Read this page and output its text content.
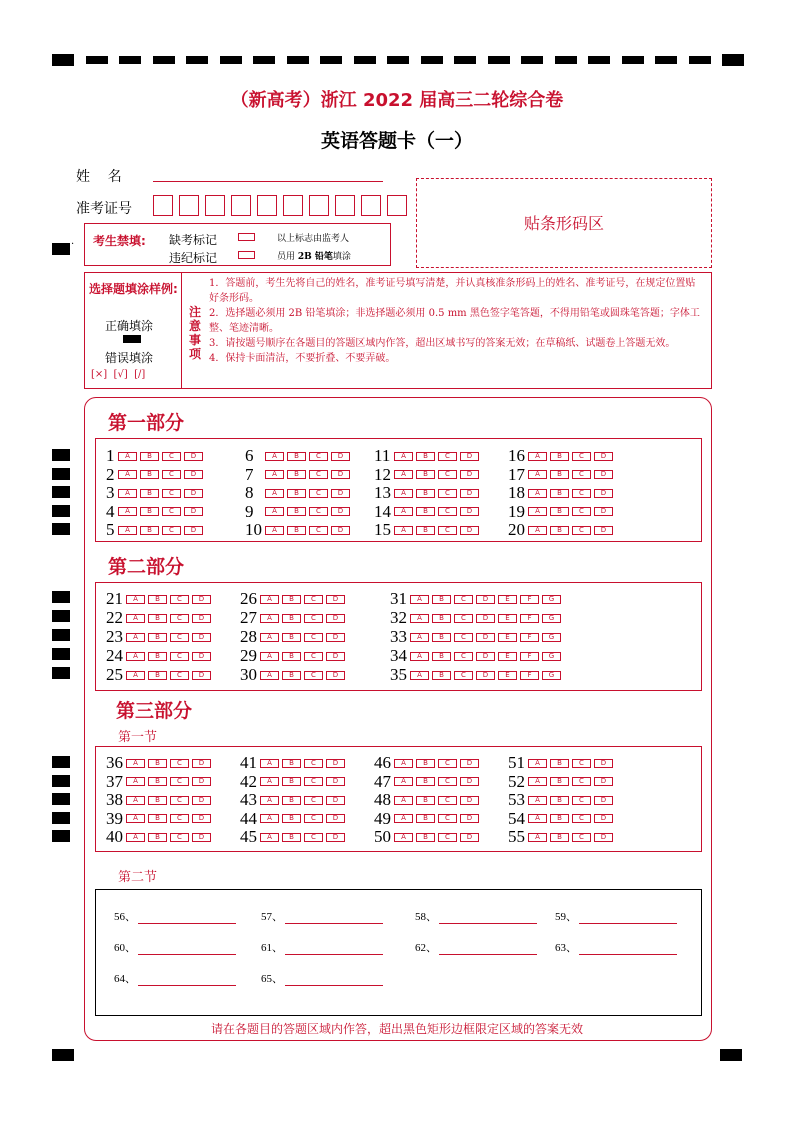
（新高考）浙江 2022 届高三二轮综合卷
英语答题卡（一）
姓    名
准考证号
贴条形码区
. 考生禁填: 缺考标记	以上标志由监考人
违纪标记	员用 2B 铅笔填涂
选择题填涂样例:
正确填涂
错误填涂
[×]  [√]  [/]
注意事项
1．答题前，考生先将自己的姓名，准考证号填写清楚，并认真核准条形码上的姓名、准考证号，在规定位置贴好条形码。
2．选择题必须用 2B 铅笔填涂；非选择题必须用 0.5 mm 黑色签字笔答题，不得用铅笔或圆珠笔答题；字体工整、笔迹清晰。
3．请按题号顺序在各题目的答题区域内作答，超出区域书写的答案无效；在草稿纸、试题卷上答题无效。
4．保持卡面清洁，不要折叠、不要弄破。
第一部分
第二部分
第三部分
第一节
第二节
请在各题目的答题区域内作答，超出黑色矩形边框限定区域的答案无效
1	A	B	C	D
2	A	B	C	D
3	A	B	C	D
4	A	B	C	D
5	A	B	C	D
6	A	B	C	D
7	A	B	C	D
8	A	B	C	D
9	A	B	C	D
10	A	B	C	D
11	A	B	C	D
12	A	B	C	D
13	A	B	C	D
14	A	B	C	D
15	A	B	C	D
16	A	B	C	D
17	A	B	C	D
18	A	B	C	D
19	A	B	C	D
20	A	B	C	D
21	A	B	C	D
22	A	B	C	D
23	A	B	C	D
24	A	B	C	D
25	A	B	C	D
26	A	B	C	D
27	A	B	C	D
28	A	B	C	D
29	A	B	C	D
30	A	B	C	D
31	A	B	C	D	E	F	G
32	A	B	C	D	E	F	G
33	A	B	C	D	E	F	G
34	A	B	C	D	E	F	G
35	A	B	C	D	E	F	G
36	A	B	C	D
37	A	B	C	D
38	A	B	C	D
39	A	B	C	D
40	A	B	C	D
41	A	B	C	D
42	A	B	C	D
43	A	B	C	D
44	A	B	C	D
45	A	B	C	D
46	A	B	C	D
47	A	B	C	D
48	A	B	C	D
49	A	B	C	D
50	A	B	C	D
51	A	B	C	D
52	A	B	C	D
53	A	B	C	D
54	A	B	C	D
55	A	B	C	D
56、	57、	58、	59、
60、	61、	62、	63、
64、	65、
